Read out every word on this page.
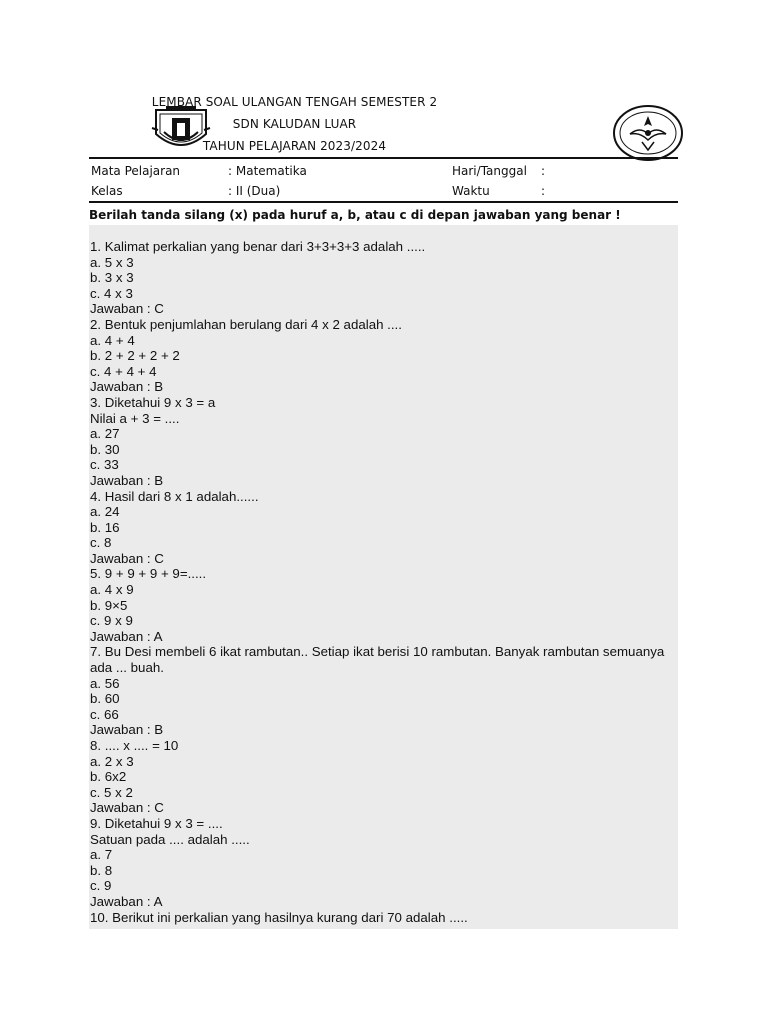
LEMBAR SOAL ULANGAN TENGAH SEMESTER 2
SDN KALUDAN LUAR
TAHUN PELAJARAN 2023/2024
Mata Pelajaran	: Matematika	Hari/Tanggal :
Kelas	: II (Dua)	Waktu	:
Berilah tanda silang (x) pada huruf a, b, atau c di depan jawaban yang benar !

1. Kalimat perkalian yang benar dari 3+3+3+3 adalah .....

a. 5 x 3

b. 3 x 3

c. 4 x 3

Jawaban : C

2. Bentuk penjumlahan berulang dari 4 x 2 adalah ....

a. 4 + 4

b. 2 + 2 + 2 + 2

c. 4 + 4 + 4

Jawaban : B

3. Diketahui 9 x 3 = a

Nilai a + 3 = ....

a. 27

b. 30

c. 33

Jawaban : B

4. Hasil dari 8 x 1 adalah......

a. 24

b. 16

c. 8

Jawaban : C

5. 9 + 9 + 9 + 9=.....

a. 4 x 9

b. 9×5

c. 9 x 9

Jawaban : A

7. Bu Desi membeli 6 ikat rambutan.. Setiap ikat berisi 10 rambutan. Banyak rambutan semuanya ada ... buah.

a. 56

b. 60

c. 66

Jawaban : B

8. .... x .... = 10

a. 2 x 3

b. 6x2

c. 5 x 2

Jawaban : C

9. Diketahui 9 x 3 = ....

Satuan pada .... adalah .....

a. 7

b. 8

c. 9

Jawaban : A

10. Berikut ini perkalian yang hasilnya kurang dari 70 adalah .....
